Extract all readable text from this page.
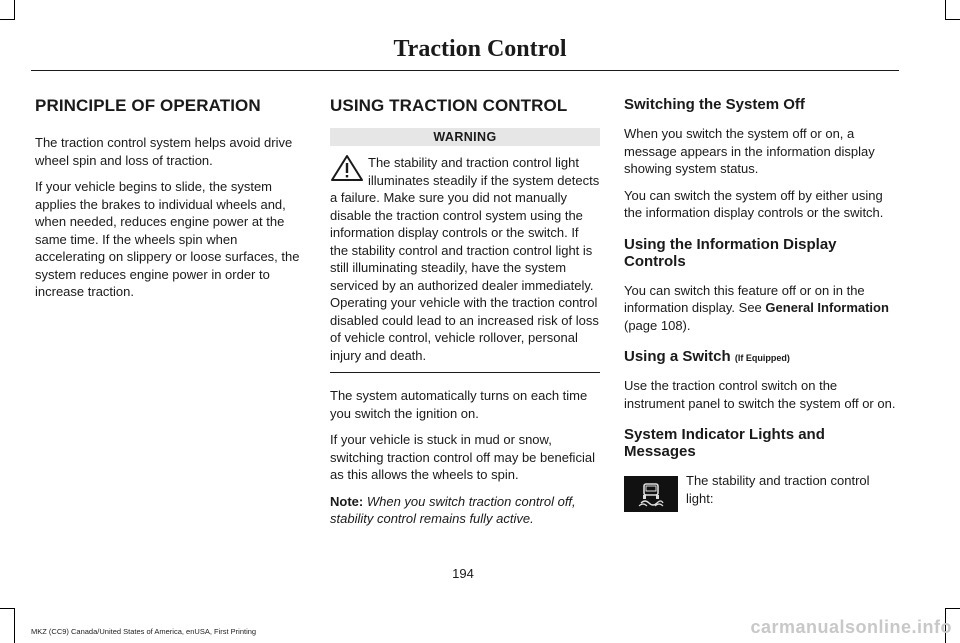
Traction Control
PRINCIPLE OF OPERATION

The traction control system helps avoid drive wheel spin and loss of traction.

If your vehicle begins to slide, the system applies the brakes to individual wheels and, when needed, reduces engine power at the same time. If the wheels spin when accelerating on slippery or loose surfaces, the system reduces engine power in order to increase traction.

USING TRACTION CONTROL
WARNING

The stability and traction control light illuminates steadily if the system detects a failure. Make sure you did not manually disable the traction control system using the information display controls or the switch. If the stability control and traction control light is still illuminating steadily, have the system serviced by an authorized dealer immediately. Operating your vehicle with the traction control disabled could lead to an increased risk of loss of vehicle control, vehicle rollover, personal injury and death.

The system automatically turns on each time you switch the ignition on.

If your vehicle is stuck in mud or snow, switching traction control off may be beneficial as this allows the wheels to spin.

Note: When you switch traction control off, stability control remains fully active.

Switching the System Off

When you switch the system off or on, a message appears in the information display showing system status.

You can switch the system off by either using the information display controls or the switch.

Using the Information Display Controls

You can switch this feature off or on in the information display. See General Information (page 108).

Using a Switch (If Equipped)

Use the traction control switch on the instrument panel to switch the system off or on.

System Indicator Lights and Messages

The stability and traction control light:

194
MKZ (CC9) Canada/United States of America, enUSA, First Printing	carmanualsonline.info
